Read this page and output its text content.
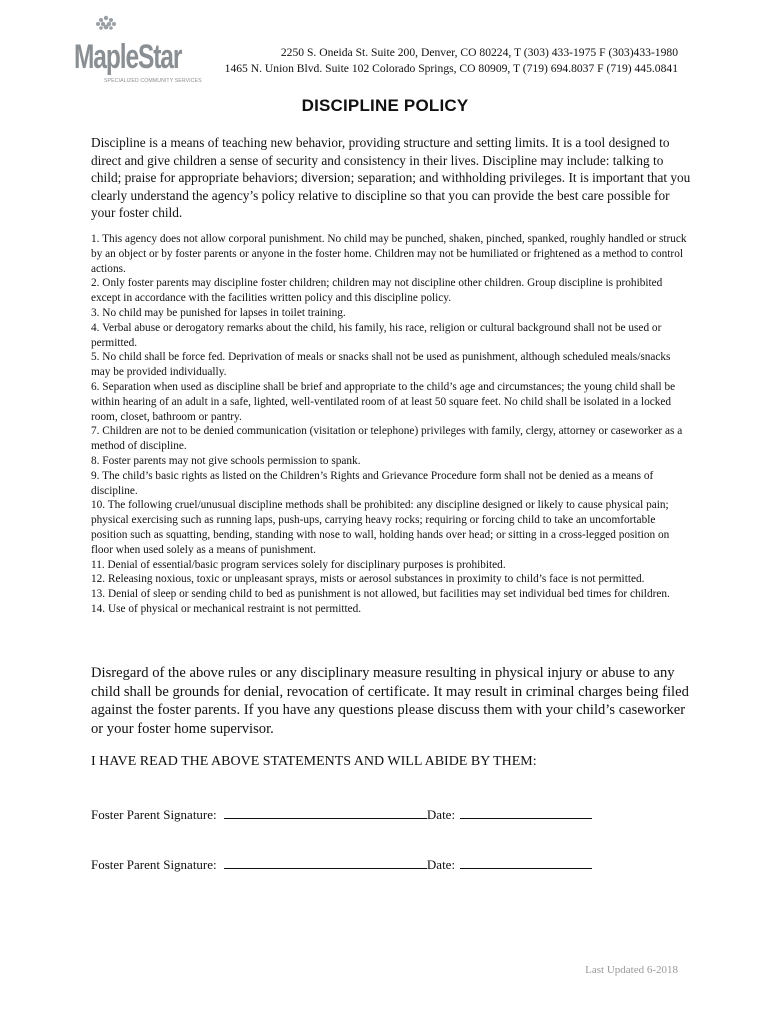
MapleStar
SPECIALIZED COMMUNITY SERVICES
2250 S. Oneida St. Suite 200, Denver, CO 80224, T (303) 433-1975 F (303)433-1980
1465 N. Union Blvd. Suite 102 Colorado Springs, CO 80909, T (719) 694.8037 F (719) 445.0841
DISCIPLINE POLICY
Discipline is a means of teaching new behavior, providing structure and setting limits. It is a tool designed to direct and give children a sense of security and consistency in their lives. Discipline may include: talking to child; praise for appropriate behaviors; diversion; separation; and withholding privileges. It is important that you clearly understand the agency’s policy relative to discipline so that you can provide the best care possible for your foster child.

1. This agency does not allow corporal punishment. No child may be punched, shaken, pinched, spanked, roughly handled or struck by an object or by foster parents or anyone in the foster home. Children may not be humiliated or frightened as a method to control actions.

2. Only foster parents may discipline foster children; children may not discipline other children. Group discipline is prohibited except in accordance with the facilities written policy and this discipline policy.

3. No child may be punished for lapses in toilet training.

4. Verbal abuse or derogatory remarks about the child, his family, his race, religion or cultural background shall not be used or permitted.

5. No child shall be force fed. Deprivation of meals or snacks shall not be used as punishment, although scheduled meals/snacks may be provided individually.

6. Separation when used as discipline shall be brief and appropriate to the child’s age and circumstances; the young child shall be within hearing of an adult in a safe, lighted, well-ventilated room of at least 50 square feet. No child shall be isolated in a locked room, closet, bathroom or pantry.

7. Children are not to be denied communication (visitation or telephone) privileges with family, clergy, attorney or caseworker as a method of discipline.

8. Foster parents may not give schools permission to spank.

9. The child’s basic rights as listed on the Children’s Rights and Grievance Procedure form shall not be denied as a means of discipline.

10. The following cruel/unusual discipline methods shall be prohibited: any discipline designed or likely to cause physical pain; physical exercising such as running laps, push-ups, carrying heavy rocks; requiring or forcing child to take an uncomfortable position such as squatting, bending, standing with nose to wall, holding hands over head; or sitting in a cross-legged position on floor when used solely as a means of punishment.

11. Denial of essential/basic program services solely for disciplinary purposes is prohibited.

12. Releasing noxious, toxic or unpleasant sprays, mists or aerosol substances in proximity to child’s face is not permitted.

13. Denial of sleep or sending child to bed as punishment is not allowed, but facilities may set individual bed times for children.

14. Use of physical or mechanical restraint is not permitted.

Disregard of the above rules or any disciplinary measure resulting in physical injury or abuse to any child shall be grounds for denial, revocation of certificate. It may result in criminal charges being filed against the foster parents. If you have any questions please discuss them with your child’s caseworker or your foster home supervisor.
I HAVE READ THE ABOVE STATEMENTS AND WILL ABIDE BY THEM:
Foster Parent Signature:	Date:
Foster Parent Signature:	Date:
Last Updated 6-2018
